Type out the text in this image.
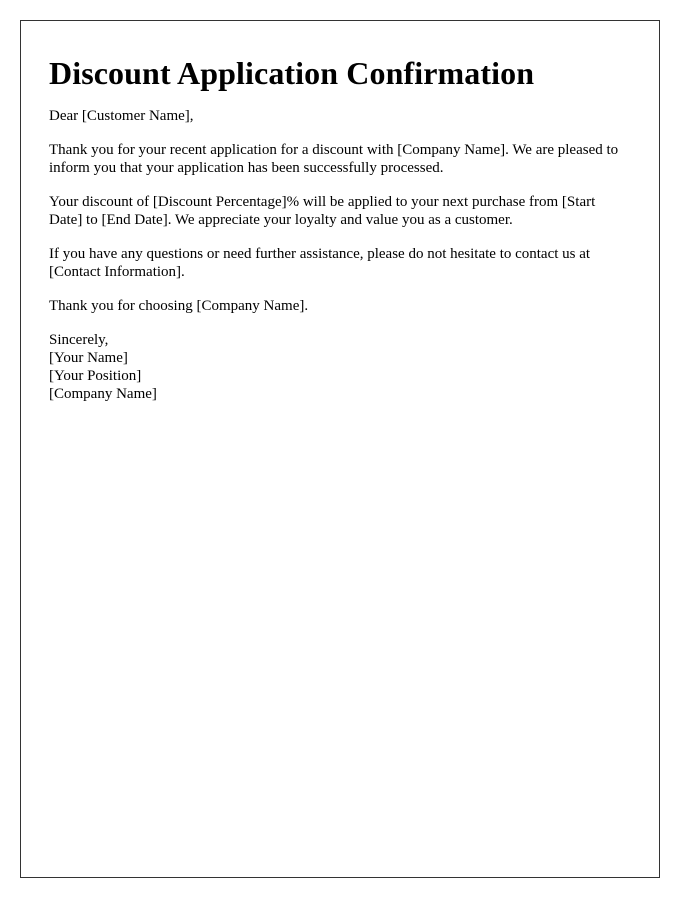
Discount Application Confirmation

Dear [Customer Name],

Thank you for your recent application for a discount with [Company Name]. We are pleased to inform you that your application has been successfully processed.

Your discount of [Discount Percentage]% will be applied to your next purchase from [Start Date] to [End Date]. We appreciate your loyalty and value you as a customer.

If you have any questions or need further assistance, please do not hesitate to contact us at [Contact Information].

Thank you for choosing [Company Name].

Sincerely,
[Your Name]
[Your Position]
[Company Name]
